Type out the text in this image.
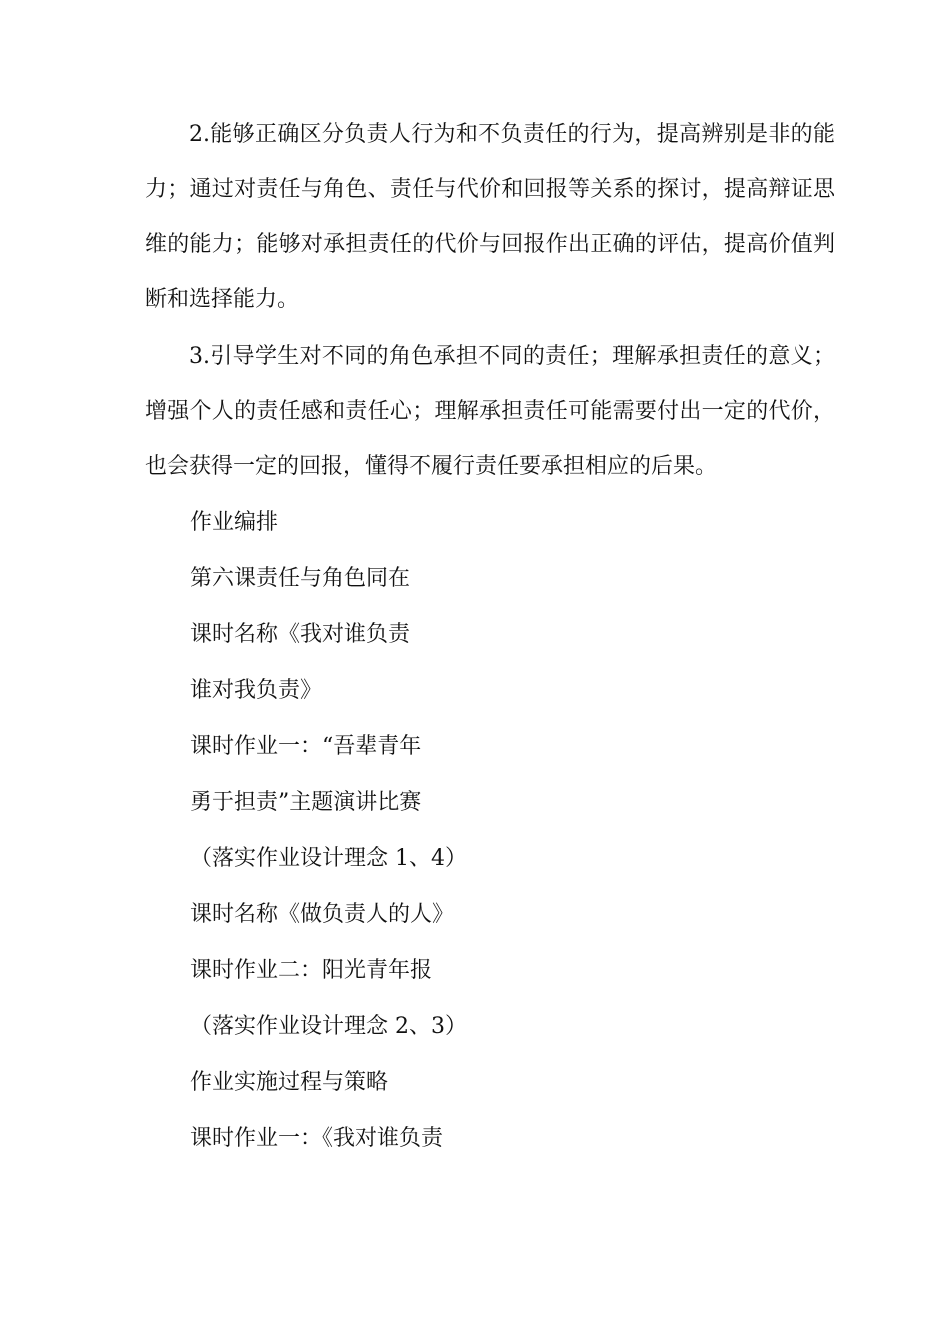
2.能够正确区分负责人行为和不负责任的行为，提高辨别是非的能力；通过对责任与角色、责任与代价和回报等关系的探讨，提高辩证思维的能力；能够对承担责任的代价与回报作出正确的评估，提高价值判断和选择能力。

3.引导学生对不同的角色承担不同的责任；理解承担责任的意义；增强个人的责任感和责任心；理解承担责任可能需要付出一定的代价，也会获得一定的回报，懂得不履行责任要承担相应的后果。

作业编排

第六课责任与角色同在

课时名称《我对谁负责

谁对我负责》

课时作业一：“吾辈青年

勇于担责”主题演讲比赛

（落实作业设计理念 1、4）

课时名称《做负责人的人》

课时作业二：阳光青年报

（落实作业设计理念 2、3）

作业实施过程与策略

课时作业一：《我对谁负责
